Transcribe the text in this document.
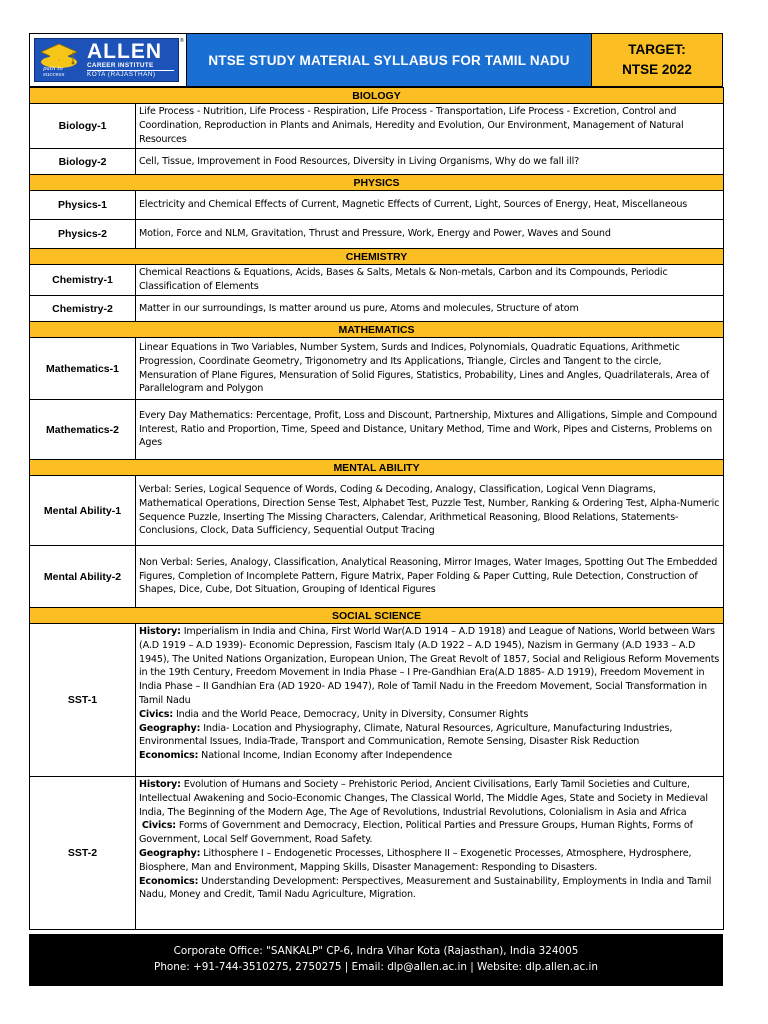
path to success
ALLEN
CAREER INSTITUTE
KOTA (RAJASTHAN)
®
NTSE STUDY MATERIAL SYLLABUS FOR TAMIL NADU
TARGET:
NTSE 2022
BIOLOGY	
Biology-1	Life Process - Nutrition, Life Process - Respiration, Life Process - Transportation, Life Process - Excretion, Control and Coordination, Reproduction in Plants and Animals, Heredity and Evolution, Our Environment, Management of Natural Resources
Biology-2	Cell, Tissue, Improvement in Food Resources, Diversity in Living Organisms, Why do we fall ill?
PHYSICS	
Physics-1	Electricity and Chemical Effects of Current, Magnetic Effects of Current, Light, Sources of Energy, Heat, Miscellaneous
Physics-2	Motion, Force and NLM, Gravitation, Thrust and Pressure, Work, Energy and Power, Waves and Sound
CHEMISTRY	
Chemistry-1	Chemical Reactions & Equations, Acids, Bases & Salts, Metals & Non-metals, Carbon and its Compounds, Periodic Classification of Elements
Chemistry-2	Matter in our surroundings, Is matter around us pure, Atoms and molecules, Structure of atom
MATHEMATICS	
Mathematics-1	Linear Equations in Two Variables, Number System, Surds and Indices, Polynomials, Quadratic Equations, Arithmetic Progression, Coordinate Geometry, Trigonometry and Its Applications, Triangle, Circles and Tangent to the circle, Mensuration of Plane Figures, Mensuration of Solid Figures, Statistics, Probability, Lines and Angles, Quadrilaterals, Area of Parallelogram and Polygon
Mathematics-2	Every Day Mathematics: Percentage, Profit, Loss and Discount, Partnership, Mixtures and Alligations, Simple and Compound Interest, Ratio and Proportion, Time, Speed and Distance, Unitary Method, Time and Work, Pipes and Cisterns, Problems on Ages
MENTAL ABILITY	
Mental Ability-1	Verbal: Series, Logical Sequence of Words, Coding & Decoding, Analogy, Classification, Logical Venn Diagrams, Mathematical Operations, Direction Sense Test, Alphabet Test, Puzzle Test, Number, Ranking & Ordering Test, Alpha-Numeric Sequence Puzzle, Inserting The Missing Characters, Calendar, Arithmetical Reasoning, Blood Relations, Statements-Conclusions, Clock, Data Sufficiency, Sequential Output Tracing
Mental Ability-2	Non Verbal: Series, Analogy, Classification, Analytical Reasoning, Mirror Images, Water Images, Spotting Out The Embedded Figures, Completion of Incomplete Pattern, Figure Matrix, Paper Folding & Paper Cutting, Rule Detection, Construction of Shapes, Dice, Cube, Dot Situation, Grouping of Identical Figures
SOCIAL SCIENCE	
SST-1	History: Imperialism in India and China, First World War(A.D 1914 – A.D 1918) and League of Nations, World between Wars (A.D 1919 – A.D 1939)- Economic Depression, Fascism Italy (A.D 1922 – A.D 1945), Nazism in Germany (A.D 1933 – A.D 1945), The United Nations Organization, European Union, The Great Revolt of 1857, Social and Religious Reform Movements in the 19th Century, Freedom Movement in India Phase – I Pre-Gandhian Era(A.D 1885- A.D 1919), Freedom Movement in India Phase – II Gandhian Era (AD 1920- AD 1947), Role of Tamil Nadu in the Freedom Movement, Social Transformation in Tamil Nadu
Civics: India and the World Peace, Democracy, Unity in Diversity, Consumer Rights
Geography: India- Location and Physiography, Climate, Natural Resources, Agriculture, Manufacturing Industries, Environmental Issues, India-Trade, Transport and Communication, Remote Sensing, Disaster Risk Reduction
Economics: National Income, Indian Economy after Independence
SST-2	History: Evolution of Humans and Society – Prehistoric Period, Ancient Civilisations, Early Tamil Societies and Culture, Intellectual Awakening and Socio-Economic Changes, The Classical World, The Middle Ages, State and Society in Medieval India, The Beginning of the Modern Age, The Age of Revolutions, Industrial Revolutions, Colonialism in Asia and Africa
Civics: Forms of Government and Democracy, Election, Political Parties and Pressure Groups, Human Rights, Forms of Government, Local Self Government, Road Safety.
Geography: Lithosphere I – Endogenetic Processes, Lithosphere II – Exogenetic Processes, Atmosphere, Hydrosphere, Biosphere, Man and Environment, Mapping Skills, Disaster Management: Responding to Disasters.
Economics: Understanding Development: Perspectives, Measurement and Sustainability, Employments in India and Tamil Nadu, Money and Credit, Tamil Nadu Agriculture, Migration.
Corporate Office: "SANKALP" CP-6, Indra Vihar Kota (Rajasthan), India 324005
Phone: +91-744-3510275, 2750275 | Email: dlp@allen.ac.in | Website: dlp.allen.ac.in
